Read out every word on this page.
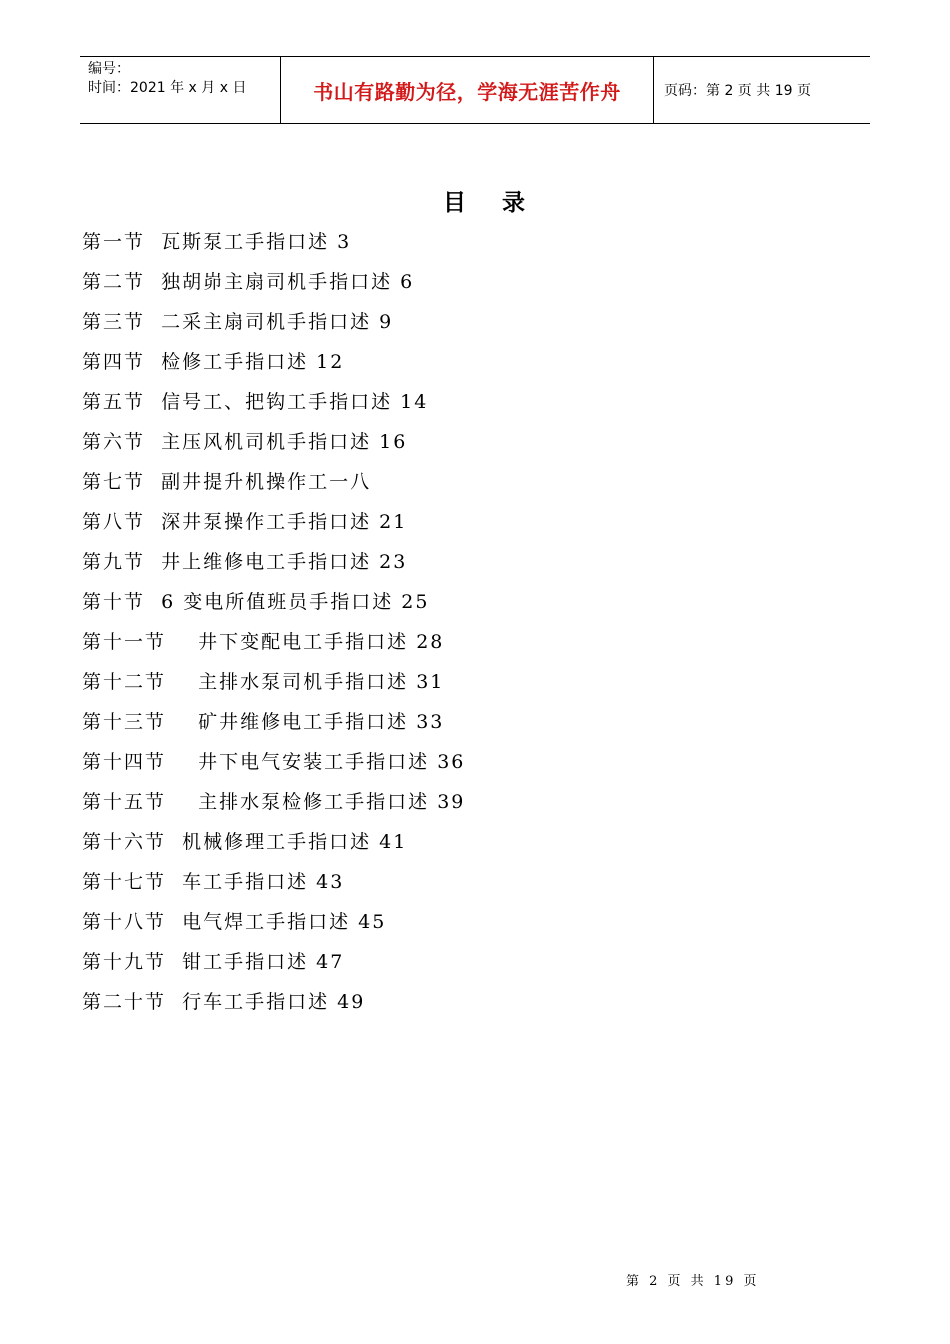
编号：
时间：2021 年 x 月 x 日	书山有路勤为径，学海无涯苦作舟	页码：第 2 页 共 19 页
目录
第一节  瓦斯泵工手指口述 3
第二节  独胡峁主扇司机手指口述 6
第三节  二采主扇司机手指口述 9
第四节  检修工手指口述 12
第五节  信号工、把钩工手指口述 14
第六节  主压风机司机手指口述 16
第七节  副井提升机操作工一八
第八节  深井泵操作工手指口述 21
第九节  井上维修电工手指口述 23
第十节  6 变电所值班员手指口述 25
第十一节    井下变配电工手指口述 28
第十二节    主排水泵司机手指口述 31
第十三节    矿井维修电工手指口述 33
第十四节    井下电气安装工手指口述 36
第十五节    主排水泵检修工手指口述 39
第十六节  机械修理工手指口述 41
第十七节  车工手指口述 43
第十八节  电气焊工手指口述 45
第十九节  钳工手指口述 47
第二十节  行车工手指口述 49
第 2 页 共 19 页
